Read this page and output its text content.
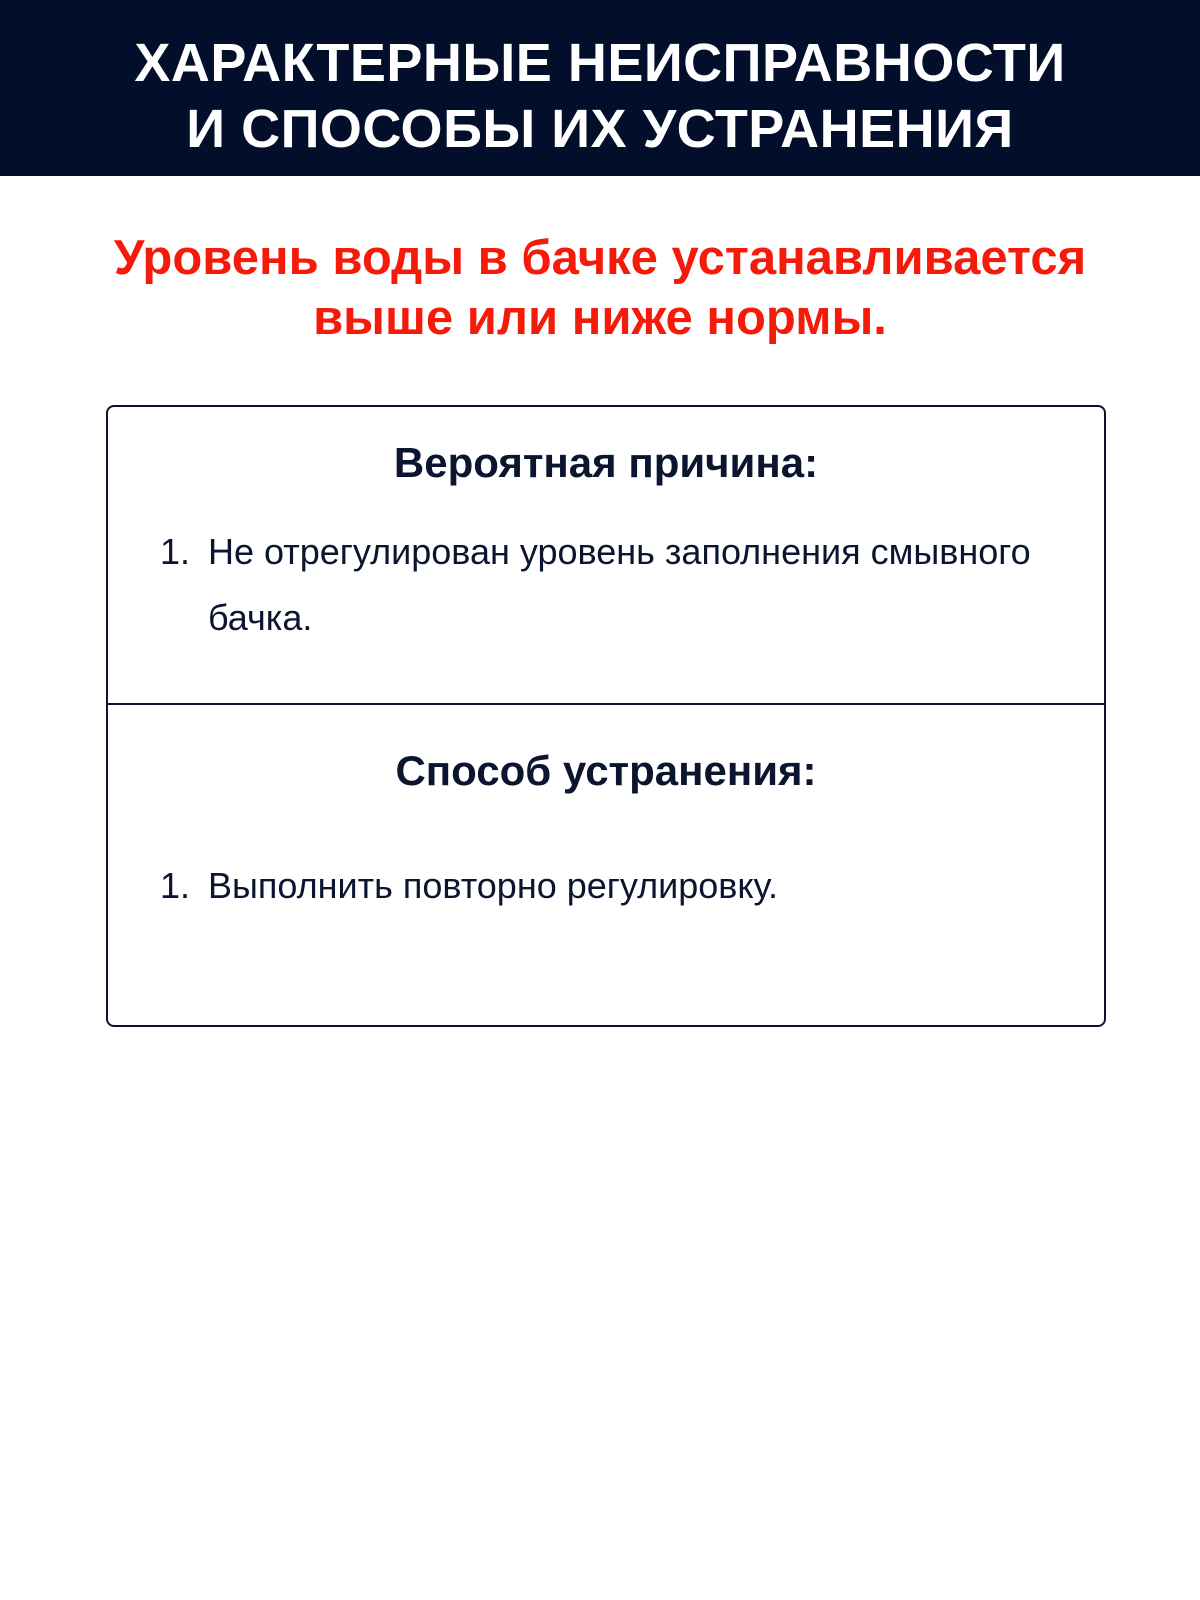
ХАРАКТЕРНЫЕ НЕИСПРАВНОСТИ
И СПОСОБЫ ИХ УСТРАНЕНИЯ
Уровень воды в бачке устанавливается
выше или ниже нормы.
Вероятная причина:
1. Не отрегулирован уровень заполнения смывного бачка.
Способ устранения:
1. Выполнить повторно регулировку.
